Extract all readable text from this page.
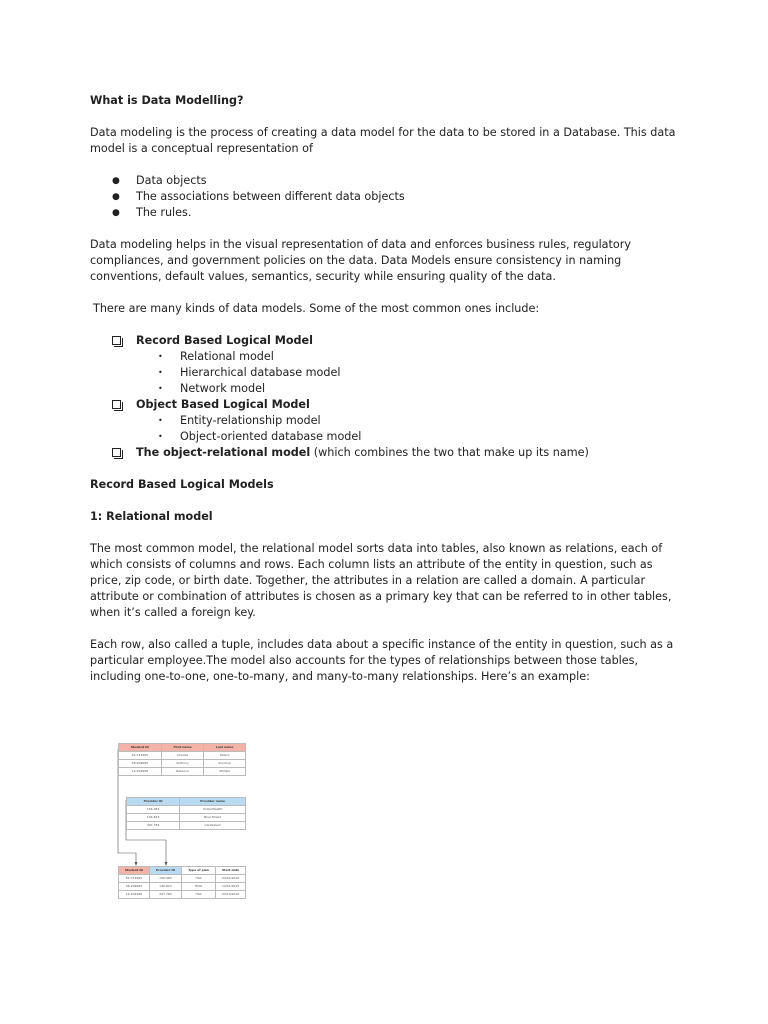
What is Data Modelling?

Data modeling is the process of creating a data model for the data to be stored in a Database. This data model is a conceptual representation of

● Data objects
● The associations between different data objects
● The rules.

Data modeling helps in the visual representation of data and enforces business rules, regulatory compliances, and government policies on the data. Data Models ensure consistency in naming conventions, default values, semantics, security while ensuring quality of the data.

There are many kinds of data models. Some of the most common ones include:

Record Based Logical Model
• Relational model
• Hierarchical database model
• Network model
Object Based Logical Model
• Entity-relationship model
• Object-oriented database model
The object-relational model (which combines the two that make up its name)

Record Based Logical Models

1: Relational model

The most common model, the relational model sorts data into tables, also known as relations, each of which consists of columns and rows. Each column lists an attribute of the entity in question, such as price, zip code, or birth date. Together, the attributes in a relation are called a domain. A particular attribute or combination of attributes is chosen as a primary key that can be referred to in other tables, when it’s called a foreign key.

Each row, also called a tuple, includes data about a specific instance of the entity in question, such as a particular employee.The model also accounts for the types of relationships between those tables, including one-to-one, one-to-many, and many-to-many relationships. Here’s an example:

Student ID	First name	Last name
52-743965	Charles	Peters
48-209689	Anthony	Sondrup
14-204968	Rebecca	Phillips
Provider ID	Provider name
156-983	UnitedHealth
146-823	Blue Shield
447-784	CareSelect
Student ID	Provider ID	Type of plan	Start date
52-743965	156-983	HSA	04/01/2016
48-209689	146-823	HMO	12/01/2015
14-204968	447-784	HSA	03/14/2016
